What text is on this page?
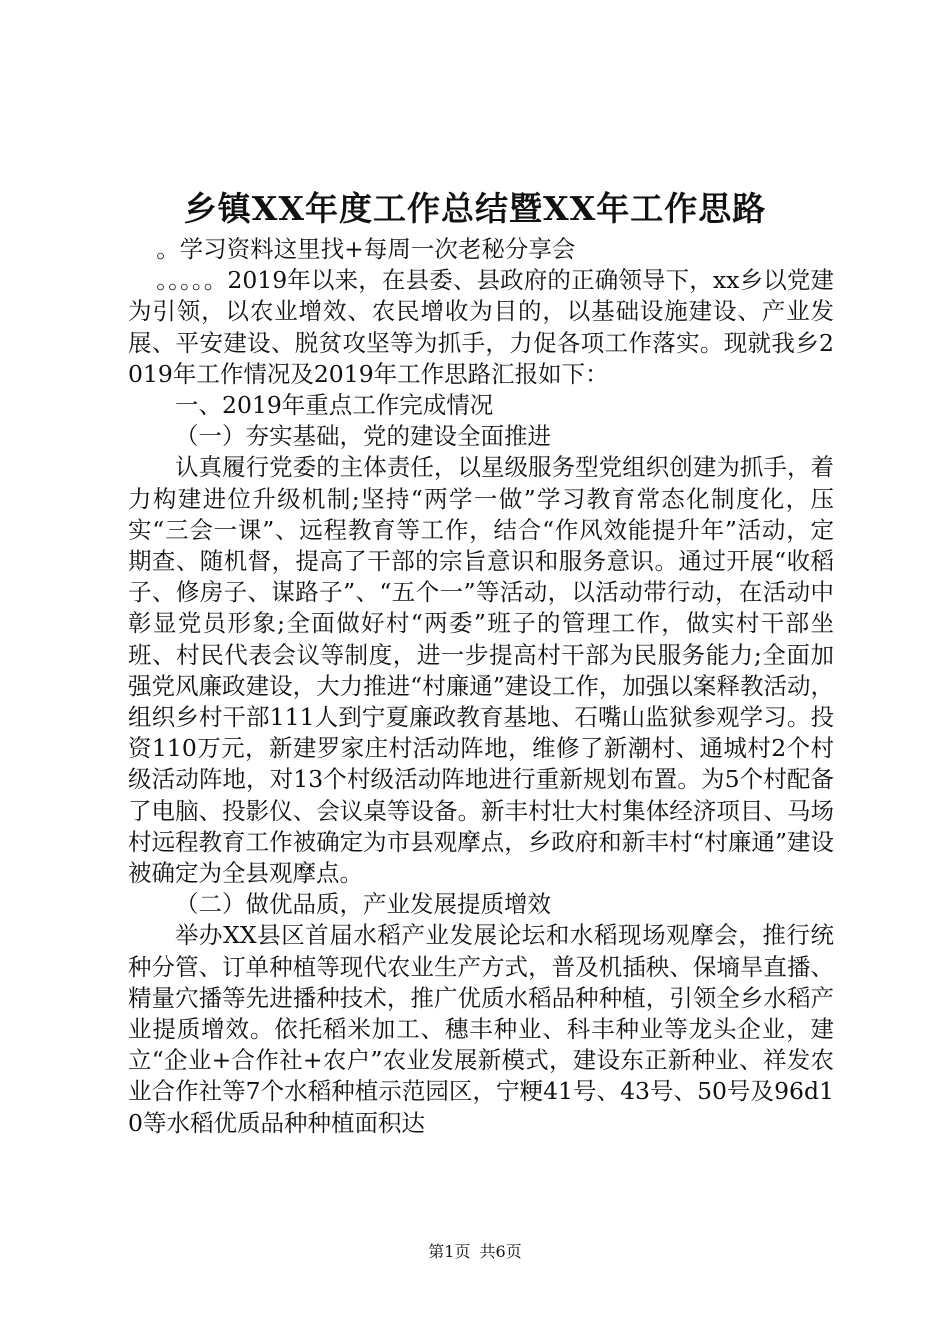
乡镇XX年度工作总结暨XX年工作思路

。学习资料这里找+每周一次老秘分享会

。。。。。2019年以来，在县委、县政府的正确领导下，xx乡以党建为引领，以农业增效、农民增收为目的，以基础设施建设、产业发展、平安建设、脱贫攻坚等为抓手，力促各项工作落实。现就我乡2019年工作情况及2019年工作思路汇报如下：

一、2019年重点工作完成情况

（一）夯实基础，党的建设全面推进

认真履行党委的主体责任，以星级服务型党组织创建为抓手，着力构建进位升级机制;坚持“两学一做”学习教育常态化制度化，压实“三会一课”、远程教育等工作，结合“作风效能提升年”活动，定期查、随机督，提高了干部的宗旨意识和服务意识。通过开展“收稻子、修房子、谋路子”、“五个一”等活动，以活动带行动，在活动中彰显党员形象;全面做好村“两委”班子的管理工作，做实村干部坐班、村民代表会议等制度，进一步提高村干部为民服务能力;全面加强党风廉政建设，大力推进“村廉通”建设工作，加强以案释教活动，组织乡村干部111人到宁夏廉政教育基地、石嘴山监狱参观学习。投资110万元，新建罗家庄村活动阵地，维修了新潮村、通城村2个村级活动阵地，对13个村级活动阵地进行重新规划布置。为5个村配备了电脑、投影仪、会议桌等设备。新丰村壮大村集体经济项目、马场村远程教育工作被确定为市县观摩点，乡政府和新丰村“村廉通”建设被确定为全县观摩点。

（二）做优品质，产业发展提质增效

举办XX县区首届水稻产业发展论坛和水稻现场观摩会，推行统种分管、订单种植等现代农业生产方式，普及机插秧、保墒旱直播、精量穴播等先进播种技术，推广优质水稻品种种植，引领全乡水稻产业提质增效。依托稻米加工、穗丰种业、科丰种业等龙头企业，建立“企业+合作社+农户”农业发展新模式，建设东正新种业、祥发农业合作社等7个水稻种植示范园区，宁粳41号、43号、50号及96d10等水稻优质品种种植面积达

第1页 共6页
